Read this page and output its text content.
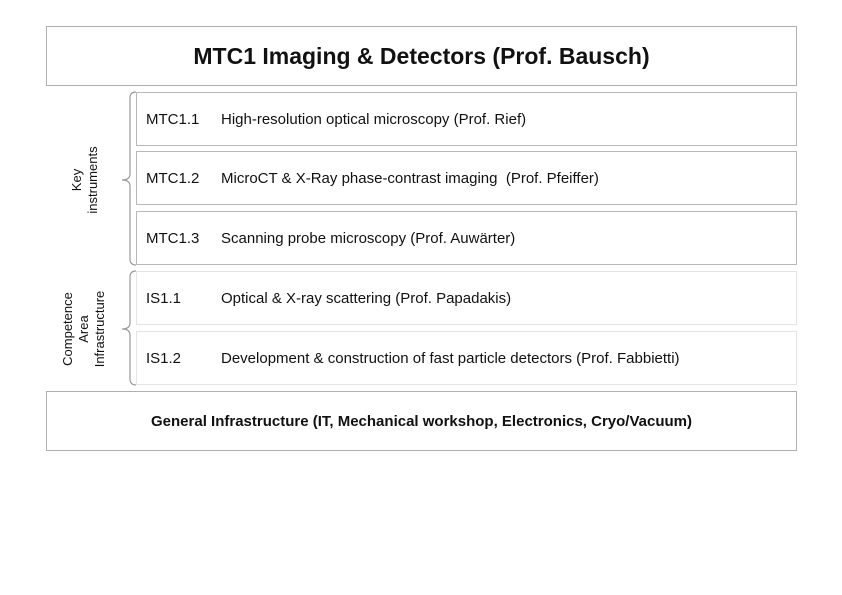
MTC1 Imaging & Detectors (Prof. Bausch)
Key instruments
Competence Area Infrastructure
MTC1.1 High-resolution optical microscopy (Prof. Rief)
MTC1.2 MicroCT & X-Ray phase-contrast imaging  (Prof. Pfeiffer)
MTC1.3 Scanning probe microscopy (Prof. Auwärter)
IS1.1	Optical & X-ray scattering (Prof. Papadakis)
IS1.2	Development & construction of fast particle detectors (Prof. Fabbietti)
General Infrastructure (IT, Mechanical workshop, Electronics, Cryo/Vacuum)
